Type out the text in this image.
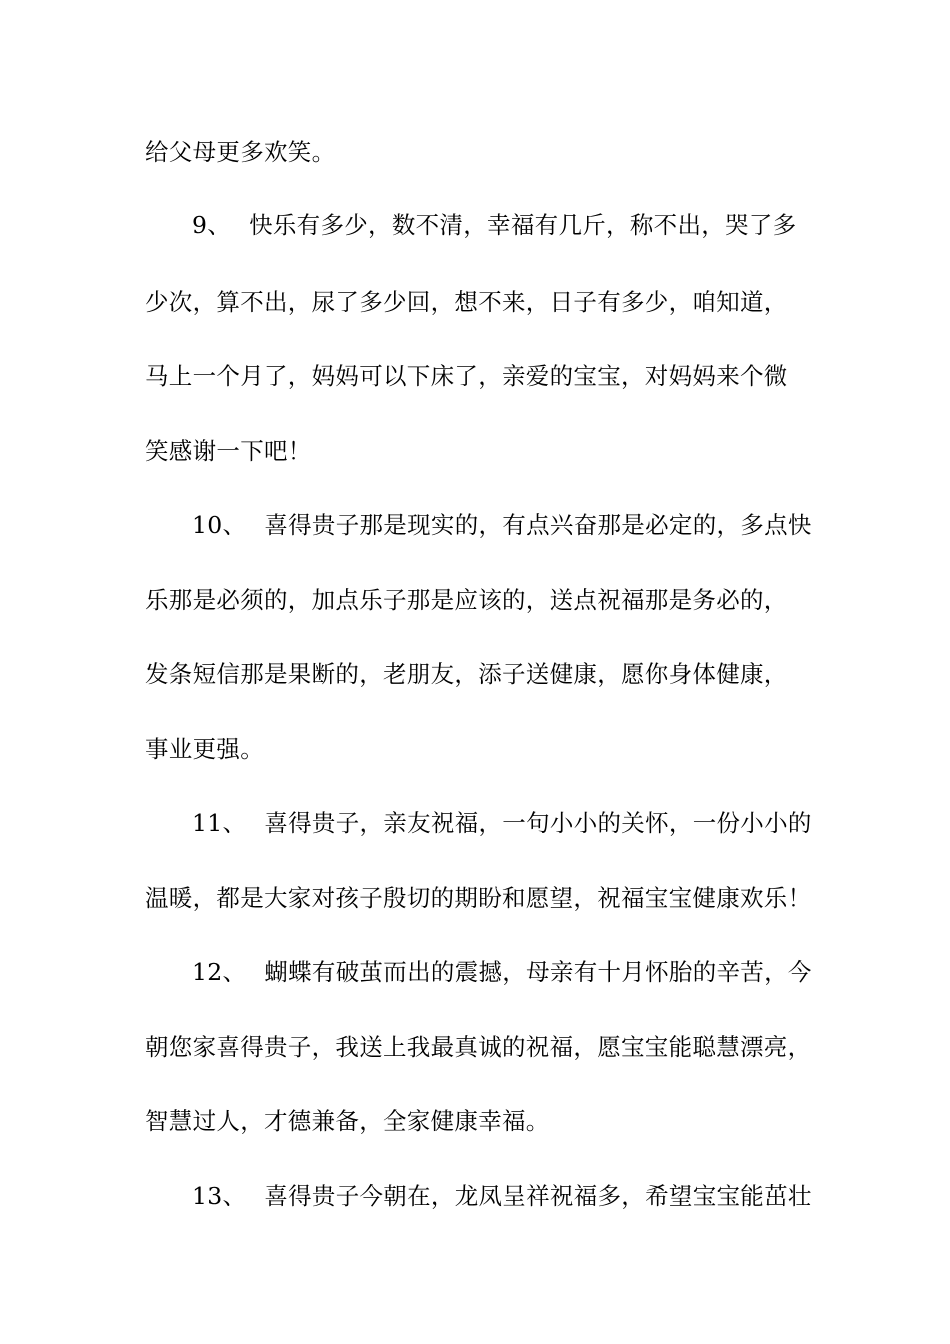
给父母更多欢笑。
9、 快乐有多少，数不清，幸福有几斤，称不出，哭了多
少次，算不出，尿了多少回，想不来，日子有多少，咱知道，
马上一个月了，妈妈可以下床了，亲爱的宝宝，对妈妈来个微
笑感谢一下吧！
10、 喜得贵子那是现实的，有点兴奋那是必定的，多点快
乐那是必须的，加点乐子那是应该的，送点祝福那是务必的，
发条短信那是果断的，老朋友，添子送健康，愿你身体健康，
事业更强。
11、 喜得贵子，亲友祝福，一句小小的关怀，一份小小的
温暖，都是大家对孩子殷切的期盼和愿望，祝福宝宝健康欢乐！
12、 蝴蝶有破茧而出的震撼，母亲有十月怀胎的辛苦，今
朝您家喜得贵子，我送上我最真诚的祝福，愿宝宝能聪慧漂亮，
智慧过人，才德兼备，全家健康幸福。
13、 喜得贵子今朝在，龙凤呈祥祝福多，希望宝宝能茁壮
